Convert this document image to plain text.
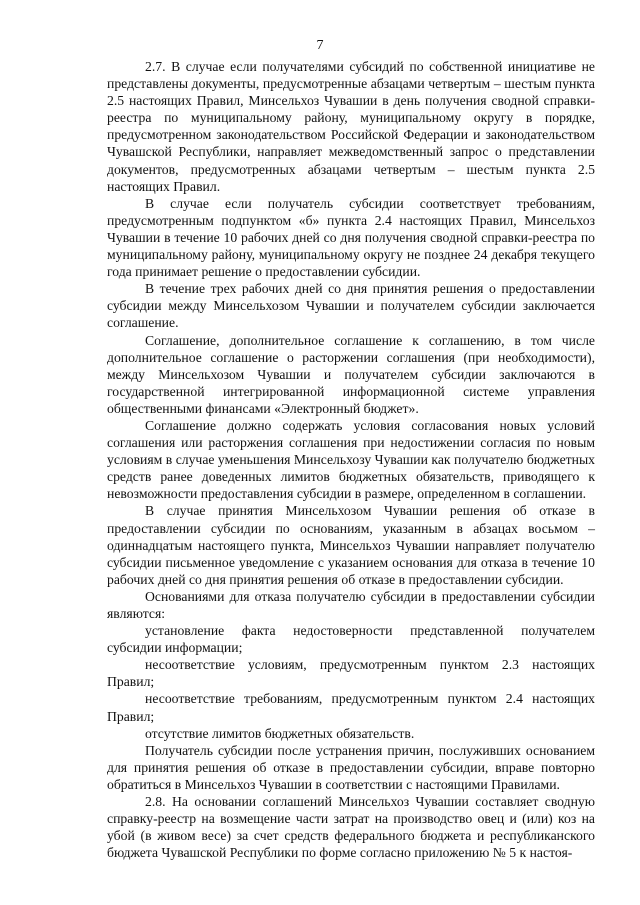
7

2.7. В случае если получателями субсидий по собственной инициативе не представлены документы, предусмотренные абзацами четвертым – шестым пункта 2.5 настоящих Правил, Минсельхоз Чувашии в день получения сводной справки-реестра по муниципальному району, муниципальному округу в порядке, предусмотренном законодательством Российской Федерации и законодательством Чувашской Республики, направляет межведомственный запрос о представлении документов, предусмотренных абзацами четвертым – шестым пункта 2.5 настоящих Правил.

В случае если получатель субсидии соответствует требованиям, предусмотренным подпунктом «б» пункта 2.4 настоящих Правил, Минсельхоз Чувашии в течение 10 рабочих дней со дня получения сводной справки-реестра по муниципальному району, муниципальному округу не позднее 24 декабря текущего года принимает решение о предоставлении субсидии.

В течение трех рабочих дней со дня принятия решения о предоставлении субсидии между Минсельхозом Чувашии и получателем субсидии заключается соглашение.

Соглашение, дополнительное соглашение к соглашению, в том числе дополнительное соглашение о расторжении соглашения (при необходимости), между Минсельхозом Чувашии и получателем субсидии заключаются в государственной интегрированной информационной системе управления общественными финансами «Электронный бюджет».

Соглашение должно содержать условия согласования новых условий соглашения или расторжения соглашения при недостижении согласия по новым условиям в случае уменьшения Минсельхозу Чувашии как получателю бюджетных средств ранее доведенных лимитов бюджетных обязательств, приводящего к невозможности предоставления субсидии в размере, определенном в соглашении.

В случае принятия Минсельхозом Чувашии решения об отказе в предоставлении субсидии по основаниям, указанным в абзацах восьмом – одиннадцатым настоящего пункта, Минсельхоз Чувашии направляет получателю субсидии письменное уведомление с указанием основания для отказа в течение 10 рабочих дней со дня принятия решения об отказе в предоставлении субсидии.

Основаниями для отказа получателю субсидии в предоставлении субсидии являются:

установление факта недостоверности представленной получателем субсидии информации;

несоответствие условиям, предусмотренным пунктом 2.3 настоящих Правил;

несоответствие требованиям, предусмотренным пунктом 2.4 настоящих Правил;

отсутствие лимитов бюджетных обязательств.

Получатель субсидии после устранения причин, послуживших основанием для принятия решения об отказе в предоставлении субсидии, вправе повторно обратиться в Минсельхоз Чувашии в соответствии с настоящими Правилами.

2.8. На основании соглашений Минсельхоз Чувашии составляет сводную справку-реестр на возмещение части затрат на производство овец и (или) коз на убой (в живом весе) за счет средств федерального бюджета и республиканского бюджета Чувашской Республики по форме согласно приложению № 5 к настоя-
